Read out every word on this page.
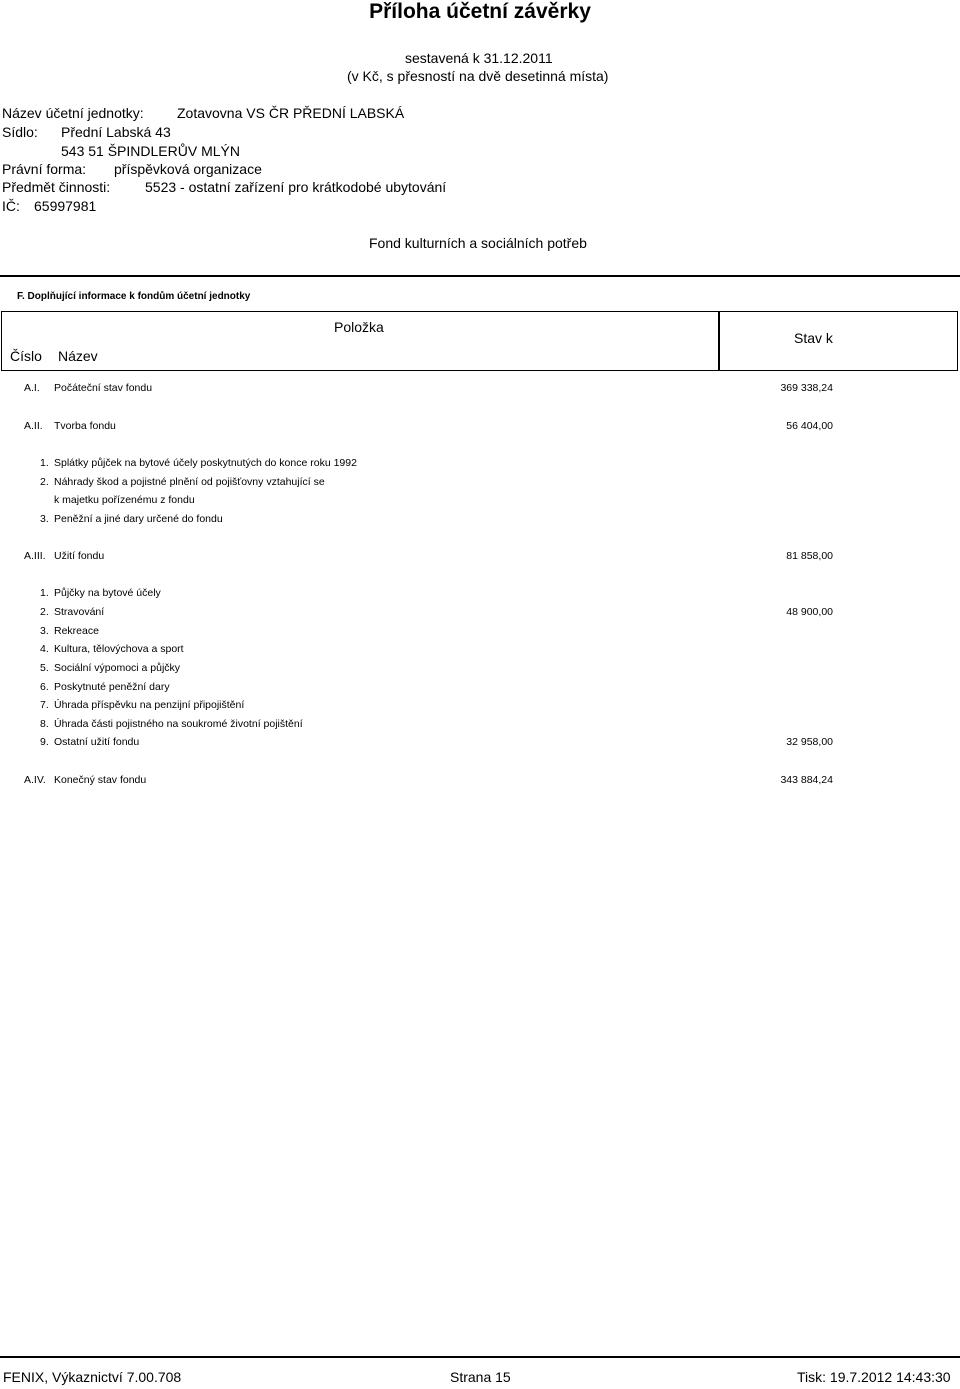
Příloha účetní závěrky
sestavená k 31.12.2011
(v Kč, s přesností na dvě desetinná místa)
Název účetní jednotky: Zotavovna VS ČR PŘEDNÍ LABSKÁ
Sídlo: Přední Labská 43
543 51 ŠPINDLERŮV MLÝN
Právní forma: příspěvková organizace
Předmět činnosti: 5523 - ostatní zařízení pro krátkodobé ubytování
IČ: 65997981
Fond kulturních a sociálních potřeb
F. Doplňující informace k fondům účetní jednotky
Položka
Číslo Název
Stav k
A.I. Počáteční stav fondu	369 338,24
A.II. Tvorba fondu	56 404,00
1. Splátky půjček na bytové účely poskytnutých do konce roku 1992
2. Náhrady škod a pojistné plnění od pojišťovny vztahující se
k majetku pořízenému z fondu
3. Peněžní a jiné dary určené do fondu
A.III. Užití fondu	81 858,00
1. Půjčky na bytové účely
2. Stravování	48 900,00
3. Rekreace
4. Kultura, tělovýchova a sport
5. Sociální výpomoci a půjčky
6. Poskytnuté peněžní dary
7. Úhrada příspěvku na penzijní připojištění
8. Úhrada části pojistného na soukromé životní pojištění
9. Ostatní užití fondu	32 958,00
A.IV. Konečný stav fondu	343 884,24
FENIX, Výkaznictví 7.00.708	Strana 15	Tisk: 19.7.2012 14:43:30
